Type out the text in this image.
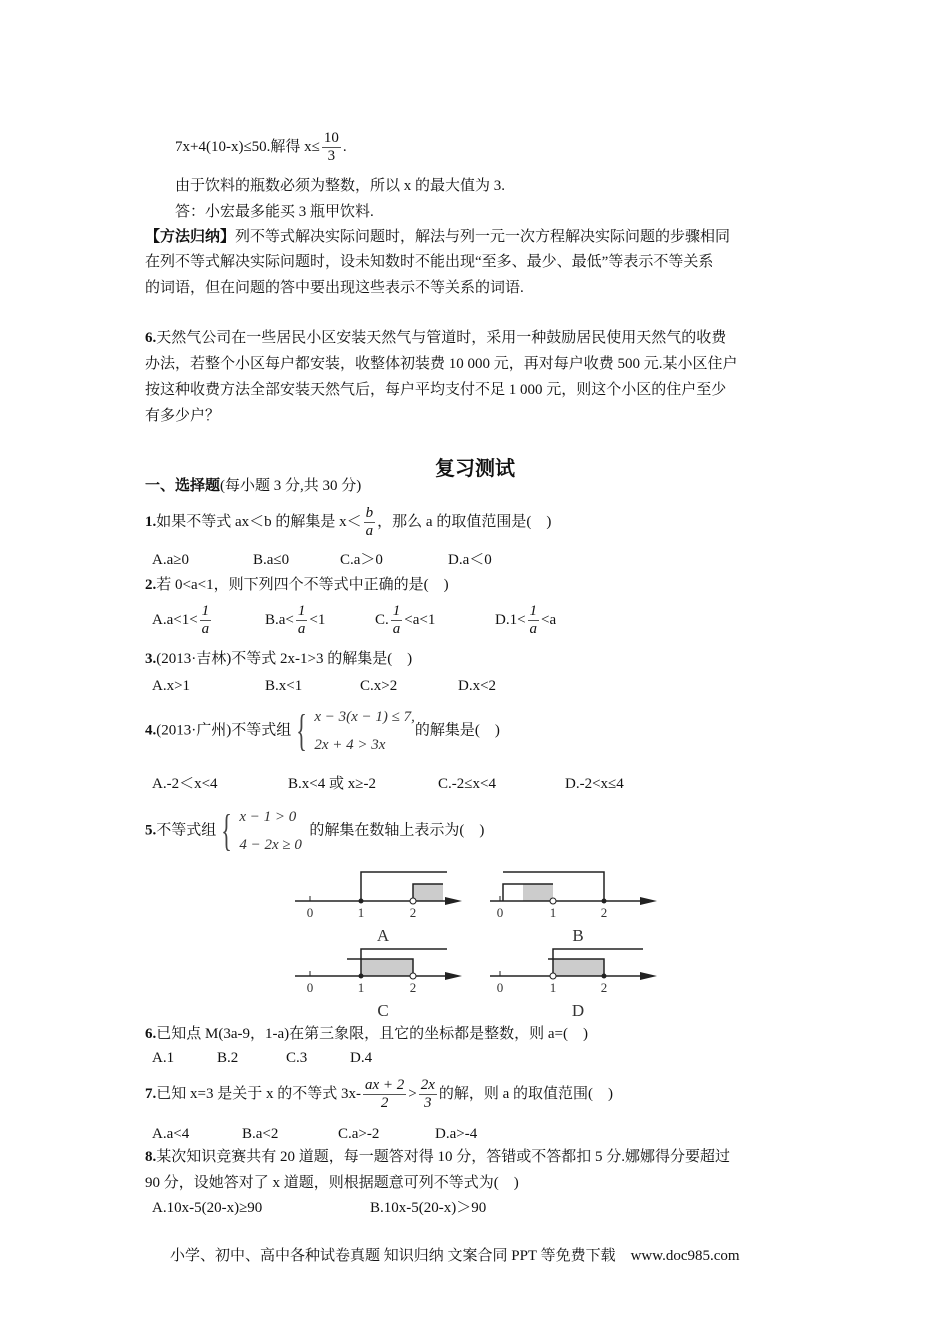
7x+4(10-x)≤50.解得 $x\le \frac{10}{3}$ .
由于饮料的瓶数必须为整数，所以 x 的最大值为 3.
答：小宏最多能买 3 瓶甲饮料.
【方法归纳】列不等式解决实际问题时，解法与列一元一次方程解决实际问题的步骤相同
在列不等式解决实际问题时，设未知数时不能出现“至多、最少、最低”等表示不等关系
的词语，但在问题的答中要出现这些表示不等关系的词语.
6.天然气公司在一些居民小区安装天然气与管道时，采用一种鼓励居民使用天然气的收费
办法，若整个小区每户都安装，收整体初装费 10 000 元，再对每户收费 500 元.某小区住户
按这种收费方法全部安装天然气后，每户平均支付不足 1 000 元，则这个小区的住户至少
有多少户？
复习测试
一、选择题(每小题 3 分,共 30 分)
1.如果不等式 ax＜b 的解集是 $x< \frac{b}{a}$ ，那么 a 的取值范围是(　)
A.a≥0	B.a≤0	C.a＞0	D.a＜0
2.若 0<a<1，则下列四个不等式中正确的是(　)
$A.a<1< \frac{1}{a}$	$B.a< \frac{1}{a} <1$	C. $\frac{1}{a} <a<1$	$D.1< \frac{1}{a} <a$
3.(2013·吉林)不等式 2x-1>3 的解集是(　)
A.x>1	B.x<1	C.x>2	D.x<2
4.(2013·广州)不等式组 { x − 3(x − 1) ≤ 7,
2x + 4 > 3x
的解集是(　)
A.-2＜x<4	B.x<4 或 x≥-2	C.-2≤x<4	D.-2<x≤4
5.不等式组 { x − 1 > 0
4 − 2x ≥ 0
的解集在数轴上表示为(　)
0	1	2
A
0	1	2
B
0	1	2
C
0	1	2
D
6.已知点 M(3a-9，1-a)在第三象限，且它的坐标都是整数，则 a=(　)
A.1	B.2	C.3	D.4
7.已知 x=3 是关于 x 的不等式 $3x- \frac{ax + 2}{2} > \frac{2x}{3}$ 的解，则 a 的取值范围(　)
A.a<4	B.a<2	C.a>-2	D.a>-4
8.某次知识竞赛共有 20 道题，每一题答对得 10 分，答错或不答都扣 5 分.娜娜得分要超过
90 分，设她答对了 x 道题，则根据题意可列不等式为(　)
A.10x-5(20-x)≥90	B.10x-5(20-x)＞90
小学、初中、高中各种试卷真题 知识归纳 文案合同 PPT 等免费下载　www.doc985.com
